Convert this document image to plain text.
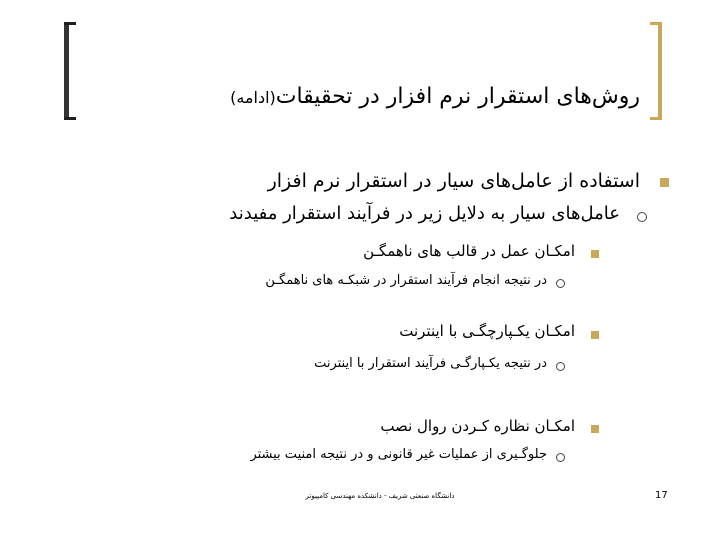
روش‌های استقرار نرم افزار در تحقیقات(ادامه)
استفاده از عامل‌های سیار در استقرار نرم افزار
عامل‌های سیار به دلایل زیر در فرآیند استقرار مفیدند
امکـان عمل در قالب های ناهمگـن
در نتیجه انجام فرآیند استقرار در شبکـه های ناهمگـن
امکـان یکـپارچگـی با اینترنت
در نتیجه یکـپارگـی فرآیند استقرار با اینترنت
امکـان نظاره کـردن روال نصب
جلوگـیری از عملیات غیر قانونی و در نتیجه امنیت بیشتر
دانشگاه صنعتی شریف - دانشکده مهندسی کامپیوتر	17
